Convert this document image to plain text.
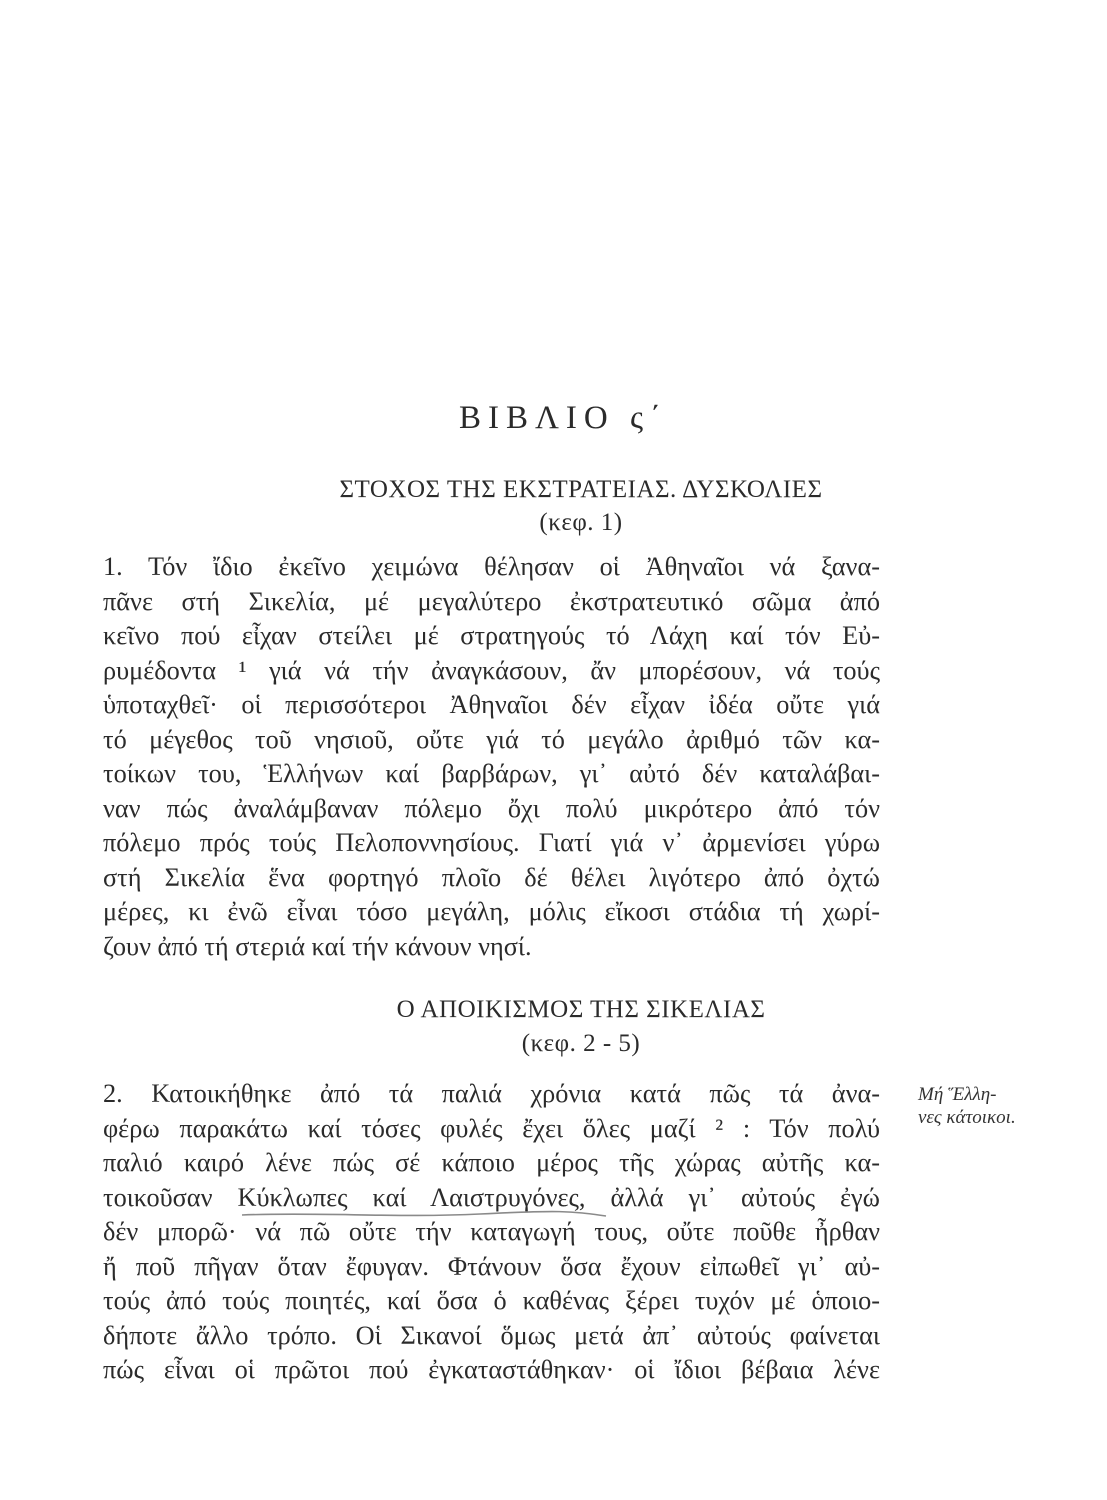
ΒΙΒΛΙΟ ς΄
ΣΤΟΧΟΣ ΤΗΣ ΕΚΣΤΡΑΤΕΙΑΣ. ΔΥΣΚΟΛΙΕΣ
(κεφ. 1)
1. Τόν ἴδιο ἐκεῖνο χειμώνα θέλησαν οἱ Ἀθηναῖοι νά ξανα-
πᾶνε στή Σικελία, μέ μεγαλύτερο ἐκστρατευτικό σῶμα ἀπό
κεῖνο πού εἶχαν στείλει μέ στρατηγούς τό Λάχη καί τόν Εὐ-
ρυμέδοντα ¹ γιά νά τήν ἀναγκάσουν, ἄν μπορέσουν, νά τούς
ὑποταχθεῖ· οἱ περισσότεροι Ἀθηναῖοι δέν εἶχαν ἰδέα οὔτε γιά
τό μέγεθος τοῦ νησιοῦ, οὔτε γιά τό μεγάλο ἀριθμό τῶν κα-
τοίκων του, Ἑλλήνων καί βαρβάρων, γι᾽ αὐτό δέν καταλάβαι-
ναν πώς ἀναλάμβαναν πόλεμο ὄχι πολύ μικρότερο ἀπό τόν
πόλεμο πρός τούς Πελοποννησίους. Γιατί γιά ν᾽ ἀρμενίσει γύρω
στή Σικελία ἕνα φορτηγό πλοῖο δέ θέλει λιγότερο ἀπό ὀχτώ
μέρες, κι ἐνῶ εἶναι τόσο μεγάλη, μόλις εἴκοσι στάδια τή χωρί-
ζουν ἀπό τή στεριά καί τήν κάνουν νησί.
Ο ΑΠΟΙΚΙΣΜΟΣ ΤΗΣ ΣΙΚΕΛΙΑΣ
(κεφ. 2 - 5)
2. Κατοικήθηκε ἀπό τά παλιά χρόνια κατά πῶς τά ἀνα-
φέρω παρακάτω καί τόσες φυλές ἔχει ὅλες μαζί ² : Τόν πολύ
παλιό καιρό λένε πώς σέ κάποιο μέρος τῆς χώρας αὐτῆς κα-
τοικοῦσαν Κύκλωπες καί Λαιστρυγόνες, ἀλλά γι᾽ αὐτούς ἐγώ
δέν μπορῶ· νά πῶ οὔτε τήν καταγωγή τους, οὔτε ποῦθε ἦρθαν
ἤ ποῦ πῆγαν ὅταν ἔφυγαν. Φτάνουν ὅσα ἔχουν εἰπωθεῖ γι᾽ αὐ-
τούς ἀπό τούς ποιητές, καί ὅσα ὁ καθένας ξέρει τυχόν μέ ὁποιο-
δήποτε ἄλλο τρόπο. Οἱ Σικανοί ὅμως μετά ἀπ᾽ αὐτούς φαίνεται
πώς εἶναι οἱ πρῶτοι πού ἐγκαταστάθηκαν· οἱ ἴδιοι βέβαια λένε
Μή Ἕλλη-
νες κάτοικοι.
